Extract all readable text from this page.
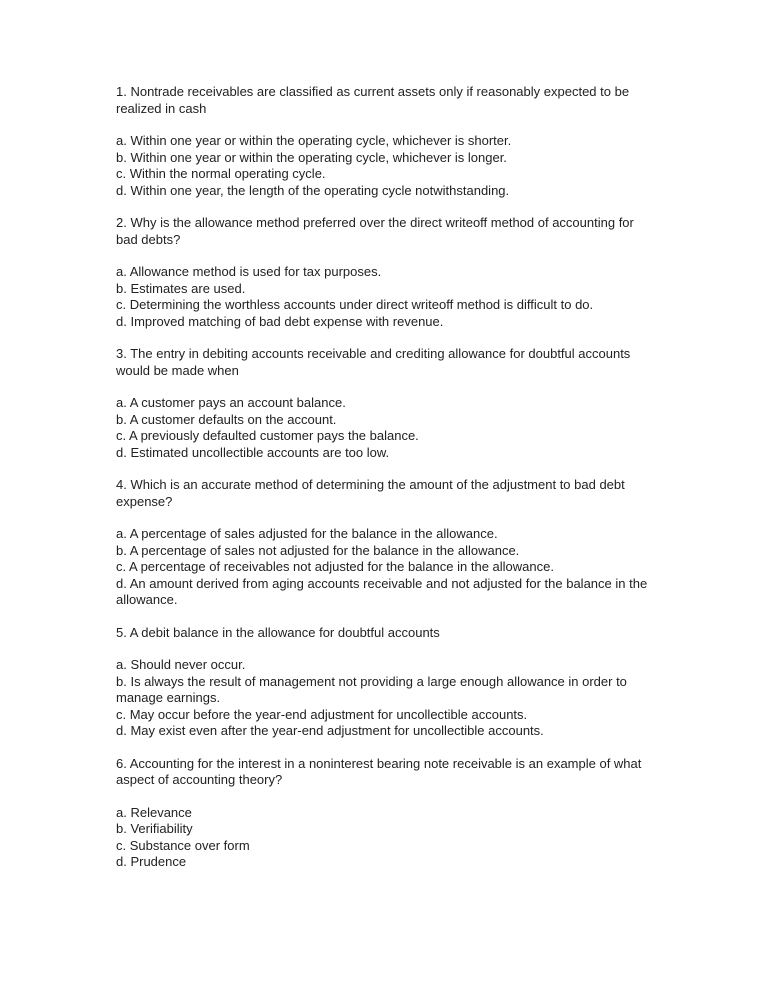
1. Nontrade receivables are classified as current assets only if reasonably expected to be realized in cash

a. Within one year or within the operating cycle, whichever is shorter.
b. Within one year or within the operating cycle, whichever is longer.
c. Within the normal operating cycle.
d. Within one year, the length of the operating cycle notwithstanding.

2. Why is the allowance method preferred over the direct writeoff method of accounting for bad debts?

a. Allowance method is used for tax purposes.
b. Estimates are used.
c. Determining the worthless accounts under direct writeoff method is difficult to do.
d. Improved matching of bad debt expense with revenue.

3. The entry in debiting accounts receivable and crediting allowance for doubtful accounts would be made when

a. A customer pays an account balance.
b. A customer defaults on the account.
c. A previously defaulted customer pays the balance.
d. Estimated uncollectible accounts are too low.

4. Which is an accurate method of determining the amount of the adjustment to bad debt expense?

a. A percentage of sales adjusted for the balance in the allowance.
b. A percentage of sales not adjusted for the balance in the allowance.
c. A percentage of receivables not adjusted for the balance in the allowance.
d. An amount derived from aging accounts receivable and not adjusted for the balance in the allowance.

5. A debit balance in the allowance for doubtful accounts

a. Should never occur.
b. Is always the result of management not providing a large enough allowance in order to manage earnings.
c. May occur before the year-end adjustment for uncollectible accounts.
d. May exist even after the year-end adjustment for uncollectible accounts.

6. Accounting for the interest in a noninterest bearing note receivable is an example of what aspect of accounting theory?

a. Relevance
b. Verifiability
c. Substance over form
d. Prudence
